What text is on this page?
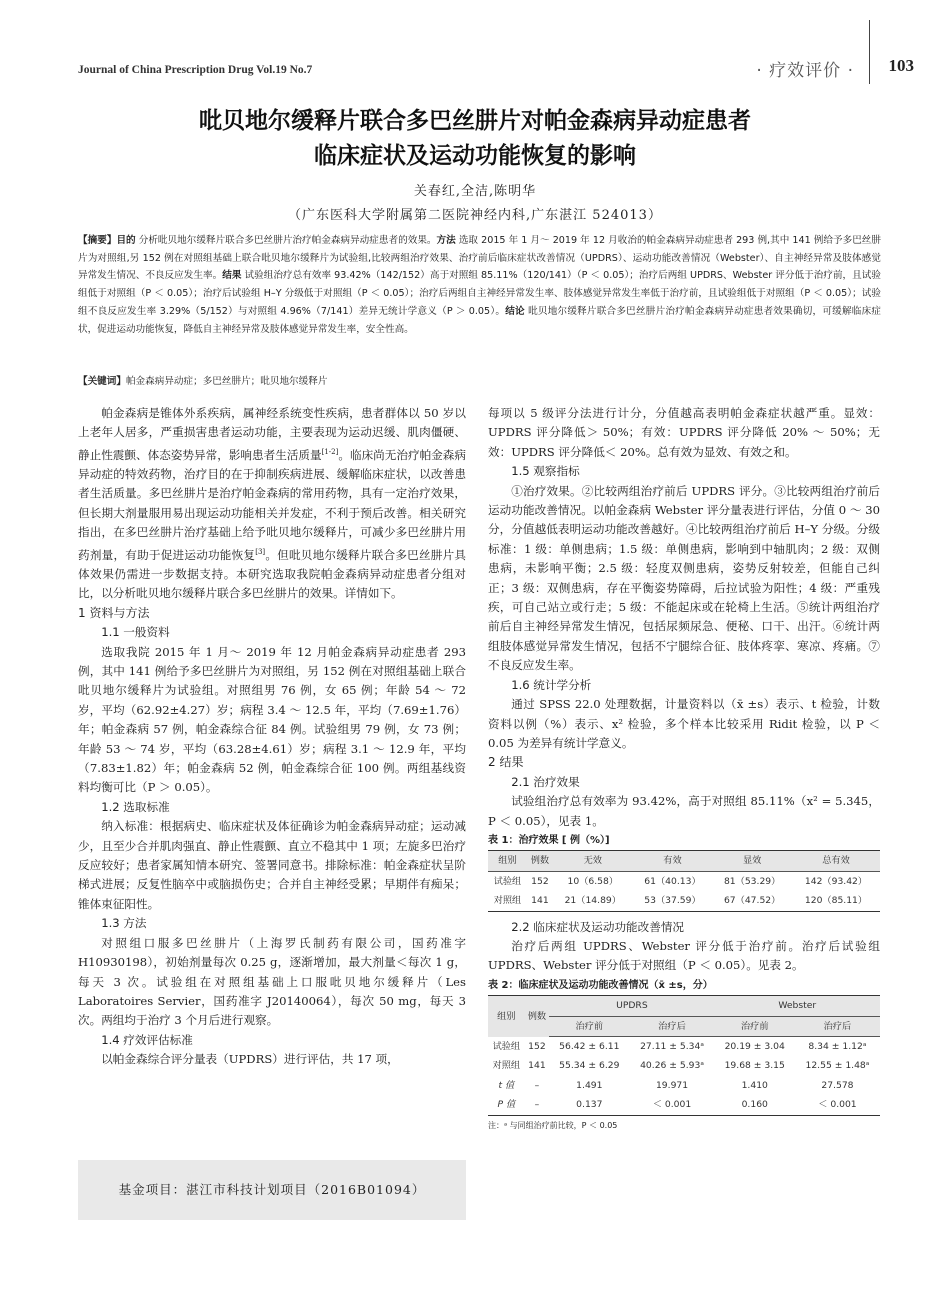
Journal of China Prescription Drug Vol.19 No.7	· 疗效评价 · 103
吡贝地尔缓释片联合多巴丝肼片对帕金森病异动症患者
临床症状及运动功能恢复的影响
关春红,全洁,陈明华
（广东医科大学附属第二医院神经内科,广东湛江 524013）

【摘要】目的 分析吡贝地尔缓释片联合多巴丝肼片治疗帕金森病异动症患者的效果。方法 选取 2015 年 1 月～ 2019 年 12 月收治的帕金森病异动症患者 293 例,其中 141 例给予多巴丝肼片为对照组,另 152 例在对照组基础上联合吡贝地尔缓释片为试验组,比较两组治疗效果、治疗前后临床症状改善情况（UPDRS）、运动功能改善情况（Webster）、自主神经异常及肢体感觉异常发生情况、不良反应发生率。结果 试验组治疗总有效率 93.42%（142/152）高于对照组 85.11%（120/141）（P ＜ 0.05）；治疗后两组 UPDRS、Webster 评分低于治疗前，且试验组低于对照组（P ＜ 0.05）；治疗后试验组 H–Y 分级低于对照组（P ＜ 0.05）；治疗后两组自主神经异常发生率、肢体感觉异常发生率低于治疗前，且试验组低于对照组（P ＜ 0.05）；试验组不良反应发生率 3.29%（5/152）与对照组 4.96%（7/141）差异无统计学意义（P ＞ 0.05）。结论 吡贝地尔缓释片联合多巴丝肼片治疗帕金森病异动症患者效果确切，可缓解临床症状，促进运动功能恢复，降低自主神经异常及肢体感觉异常发生率，安全性高。

【关键词】帕金森病异动症；多巴丝肼片；吡贝地尔缓释片

帕金森病是锥体外系疾病，属神经系统变性疾病，患者群体以 50 岁以上老年人居多，严重损害患者运动功能，主要表现为运动迟缓、肌肉僵硬、静止性震颤、体态姿势异常，影响患者生活质量[1-2]。临床尚无治疗帕金森病异动症的特效药物，治疗目的在于抑制疾病进展、缓解临床症状，以改善患者生活质量。多巴丝肼片是治疗帕金森病的常用药物，具有一定治疗效果，但长期大剂量服用易出现运动功能相关并发症，不利于预后改善。相关研究指出，在多巴丝肼片治疗基础上给予吡贝地尔缓释片，可减少多巴丝肼片用药剂量，有助于促进运动功能恢复[3]。但吡贝地尔缓释片联合多巴丝肼片具体效果仍需进一步数据支持。本研究选取我院帕金森病异动症患者分组对比，以分析吡贝地尔缓释片联合多巴丝肼片的效果。详情如下。

1 资料与方法
1.1 一般资料

选取我院 2015 年 1 月～ 2019 年 12 月帕金森病异动症患者 293 例，其中 141 例给予多巴丝肼片为对照组，另 152 例在对照组基础上联合吡贝地尔缓释片为试验组。对照组男 76 例，女 65 例；年龄 54 ～ 72 岁，平均（62.92±4.27）岁；病程 3.4 ～ 12.5 年，平均（7.69±1.76）年；帕金森病 57 例，帕金森综合征 84 例。试验组男 79 例，女 73 例；年龄 53 ～ 74 岁，平均（63.28±4.61）岁；病程 3.1 ～ 12.9 年，平均（7.83±1.82）年；帕金森病 52 例，帕金森综合征 100 例。两组基线资料均衡可比（P ＞ 0.05）。

1.2 选取标准

纳入标准：根据病史、临床症状及体征确诊为帕金森病异动症；运动减少，且至少合并肌肉强直、静止性震颤、直立不稳其中 1 项；左旋多巴治疗反应较好；患者家属知情本研究、签署同意书。排除标准：帕金森症状呈阶梯式进展；反复性脑卒中或脑损伤史；合并自主神经受累；早期伴有痴呆；锥体束征阳性。

1.3 方法

对照组口服多巴丝肼片（上海罗氏制药有限公司，国药准字 H10930198），初始剂量每次 0.25 g，逐渐增加，最大剂量＜每次 1 g，每天 3 次。试验组在对照组基础上口服吡贝地尔缓释片（Les Laboratoires Servier，国药准字 J20140064），每次 50 mg，每天 3 次。两组均于治疗 3 个月后进行观察。

1.4 疗效评估标准

以帕金森综合评分量表（UPDRS）进行评估，共 17 项，

基金项目：湛江市科技计划项目（2016B01094）

每项以 5 级评分法进行计分，分值越高表明帕金森症状越严重。显效：UPDRS 评分降低＞ 50%；有效：UPDRS 评分降低 20% ～ 50%；无效：UPDRS 评分降低＜ 20%。总有效为显效、有效之和。

1.5 观察指标

①治疗效果。②比较两组治疗前后 UPDRS 评分。③比较两组治疗前后运动功能改善情况。以帕金森病 Webster 评分量表进行评估，分值 0 ～ 30 分，分值越低表明运动功能改善越好。④比较两组治疗前后 H–Y 分级。分级标准：1 级：单侧患病；1.5 级：单侧患病，影响到中轴肌肉；2 级：双侧患病，未影响平衡；2.5 级：轻度双侧患病，姿势反射较差，但能自己纠正；3 级：双侧患病，存在平衡姿势障碍，后拉试验为阳性；4 级：严重残疾，可自己站立或行走；5 级：不能起床或在轮椅上生活。⑤统计两组治疗前后自主神经异常发生情况，包括尿频尿急、便秘、口干、出汗。⑥统计两组肢体感觉异常发生情况，包括不宁腿综合征、肢体疼挛、寒凉、疼痛。⑦不良反应发生率。

1.6 统计学分析

通过 SPSS 22.0 处理数据，计量资料以（x̄ ±s）表示、t 检验，计数资料以例（%）表示、x² 检验，多个样本比较采用 Ridit 检验，以 P ＜ 0.05 为差异有统计学意义。

2 结果
2.1 治疗效果

试验组治疗总有效率为 93.42%，高于对照组 85.11%（x² = 5.345，P ＜ 0.05），见表 1。

表 1：治疗效果 [ 例（%）]

组别	例数	无效	有效	显效	总有效
试验组	152	10（6.58）	61（40.13）	81（53.29）	142（93.42）
对照组	141	21（14.89）	53（37.59）	67（47.52）	120（85.11）
2.2 临床症状及运动功能改善情况

治疗后两组 UPDRS、Webster 评分低于治疗前。治疗后试验组 UPDRS、Webster 评分低于对照组（P ＜ 0.05）。见表 2。

表 2：临床症状及运动功能改善情况（x̄ ±s，分）

组别	例数	UPDRS		Webster	
		治疗前	治疗后	治疗前	治疗后
试验组	152	56.42 ± 6.11	27.11 ± 5.34ᵃ	20.19 ± 3.04	8.34 ± 1.12ᵃ
对照组	141	55.34 ± 6.29	40.26 ± 5.93ᵃ	19.68 ± 3.15	12.55 ± 1.48ᵃ
t 值	–	1.491	19.971	1.410	27.578
P 值	–	0.137	＜ 0.001	0.160	＜ 0.001

注：ᵃ 与同组治疗前比较，P ＜ 0.05
